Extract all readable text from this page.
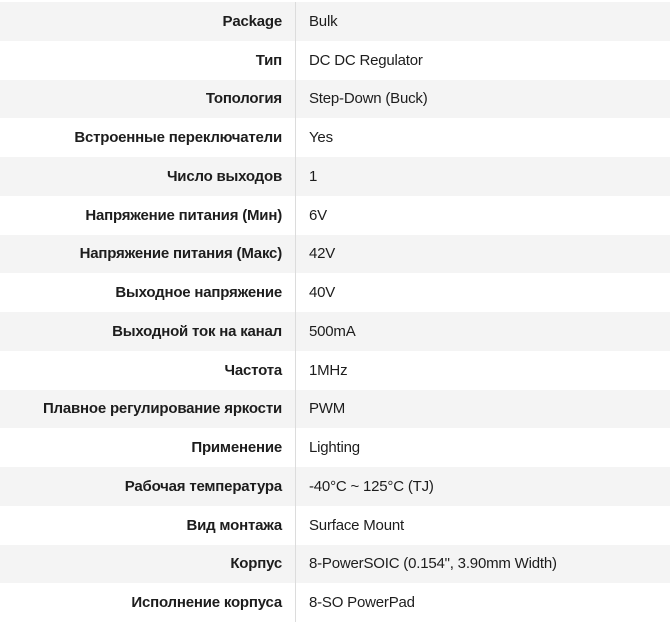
Package	Bulk
Тип	DC DC Regulator
Топология	Step-Down (Buck)
Встроенные переключатели	Yes
Число выходов	1
Напряжение питания (Мин)	6V
Напряжение питания (Макс)	42V
Выходное напряжение	40V
Выходной ток на канал	500mA
Частота	1MHz
Плавное регулирование яркости	PWM
Применение	Lighting
Рабочая температура	-40°C ~ 125°C (TJ)
Вид монтажа	Surface Mount
Корпус	8-PowerSOIC (0.154", 3.90mm Width)
Исполнение корпуса	8-SO PowerPad
